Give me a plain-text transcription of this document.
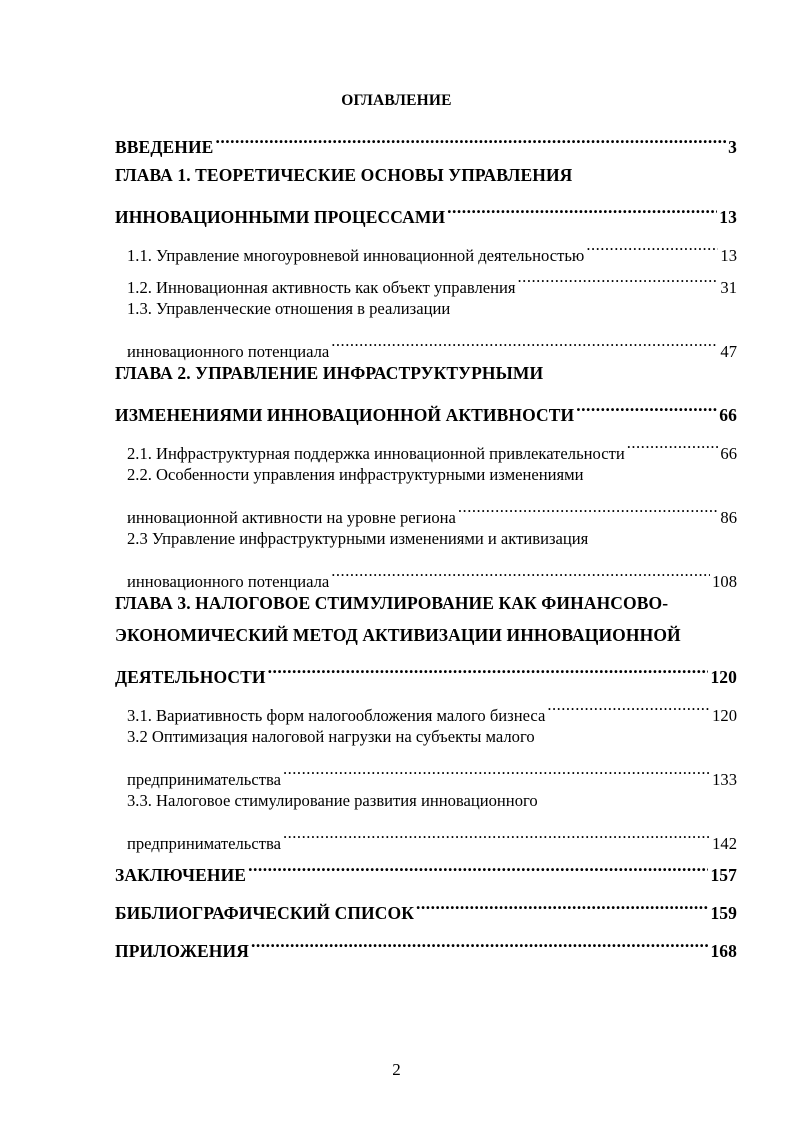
ОГЛАВЛЕНИЕ
ВВЕДЕНИЕ .....	3
ГЛАВА 1. ТЕОРЕТИЧЕСКИЕ ОСНОВЫ УПРАВЛЕНИЯ
ИННОВАЦИОННЫМИ ПРОЦЕССАМИ .....	13
1.1. Управление многоуровневой инновационной деятельностью .....	13
1.2. Инновационная активность как объект управления .....	31
1.3. Управленческие отношения в реализации
инновационного потенциала .....	47
ГЛАВА 2. УПРАВЛЕНИЕ ИНФРАСТРУКТУРНЫМИ
ИЗМЕНЕНИЯМИ ИННОВАЦИОННОЙ АКТИВНОСТИ .....	66
2.1. Инфраструктурная поддержка инновационной привлекательности .....	66
2.2. Особенности управления инфраструктурными изменениями
инновационной активности на уровне региона .....	86
2.3 Управление инфраструктурными изменениями и активизация
инновационного потенциала .....	108
ГЛАВА 3. НАЛОГОВОЕ СТИМУЛИРОВАНИЕ КАК ФИНАНСОВО-
ЭКОНОМИЧЕСКИЙ МЕТОД АКТИВИЗАЦИИ ИННОВАЦИОННОЙ
ДЕЯТЕЛЬНОСТИ .....	120
3.1. Вариативность форм налогообложения малого бизнеса .....	120
3.2 Оптимизация налоговой нагрузки на субъекты малого
предпринимательства .....	133
3.3. Налоговое стимулирование развития инновационного
предпринимательства .....	142
ЗАКЛЮЧЕНИЕ .....	157
БИБЛИОГРАФИЧЕСКИЙ СПИСОК .....	159
ПРИЛОЖЕНИЯ .....	168
2
